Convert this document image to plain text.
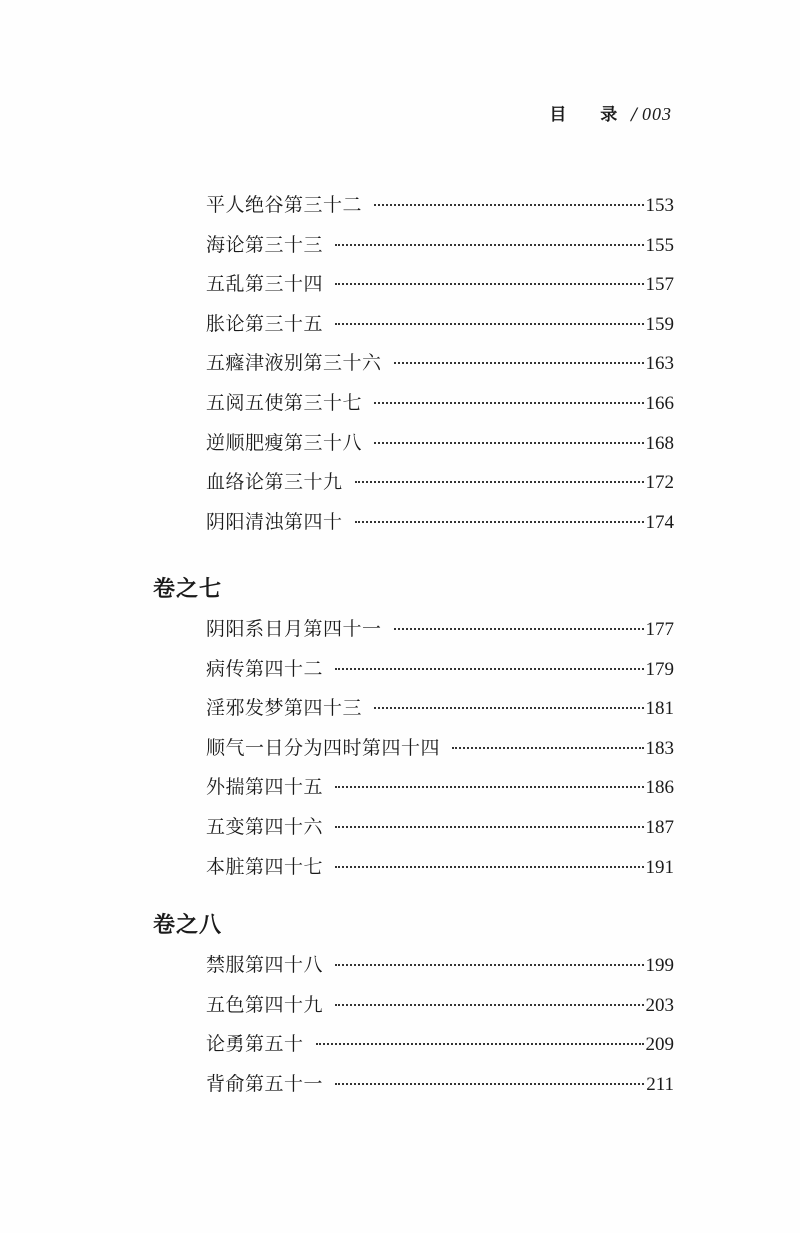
目 录/ 003
平人绝谷第三十二	153
海论第三十三	155
五乱第三十四	157
胀论第三十五	159
五癃津液别第三十六	163
五阅五使第三十七	166
逆顺肥瘦第三十八	168
血络论第三十九	172
阴阳清浊第四十	174
卷之七
阴阳系日月第四十一	177
病传第四十二	179
淫邪发梦第四十三	181
顺气一日分为四时第四十四	183
外揣第四十五	186
五变第四十六	187
本脏第四十七	191
卷之八
禁服第四十八	199
五色第四十九	203
论勇第五十	209
背俞第五十一	211
